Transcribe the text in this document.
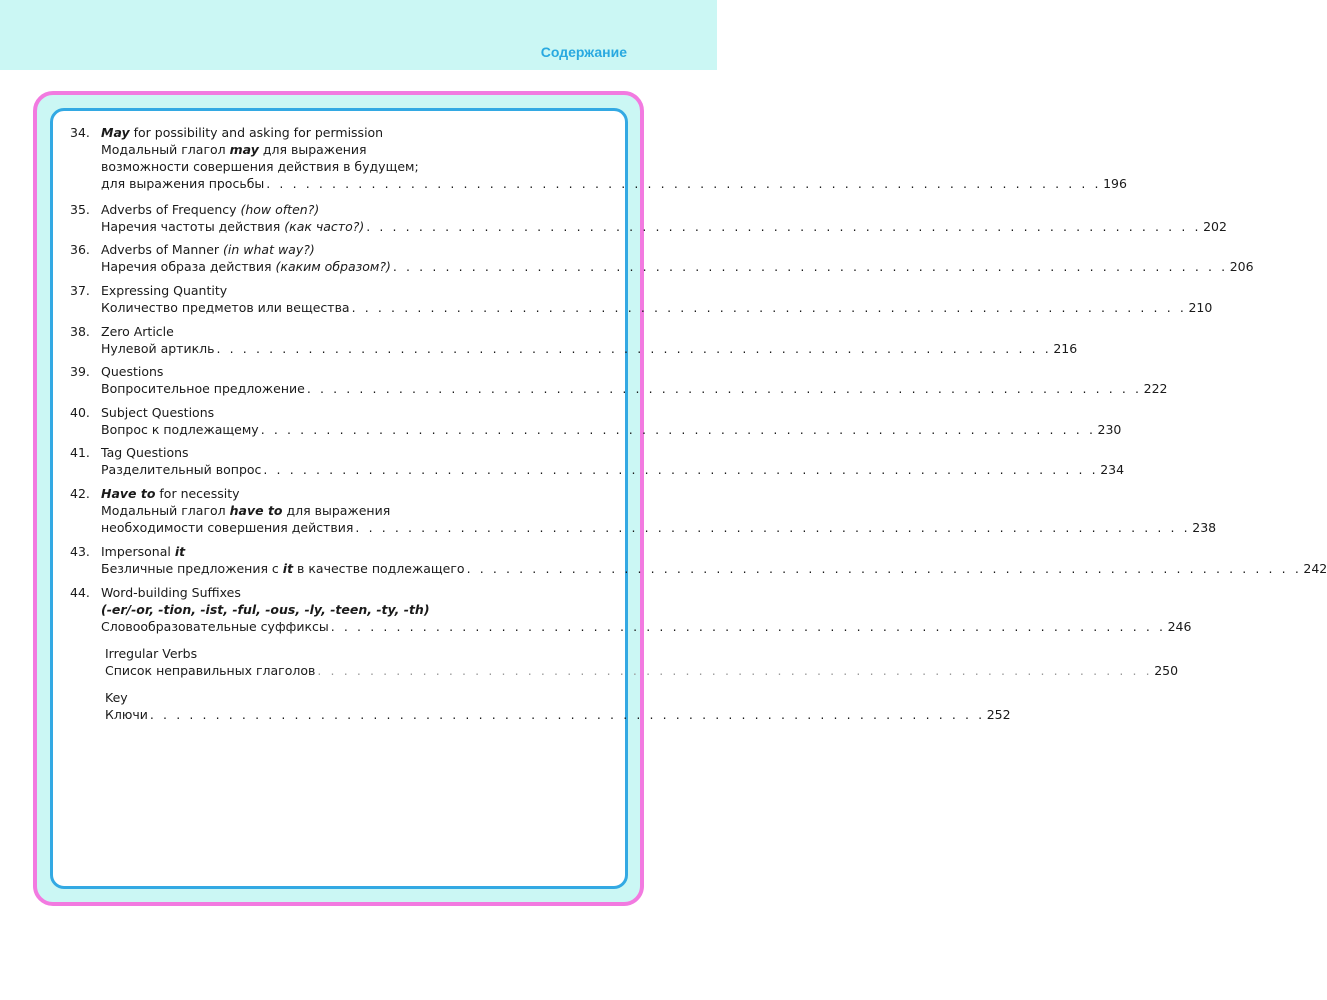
Содержание
34. May for possibility and asking for permission
Модальный глагол may для выражения
возможности совершения действия в будущем;
для выражения просьбы . . . . . . . . . . . . . . . . . . . . . . . . . . . . . . . . . . . . . . . . . . . . . . . . . . . . . . . . . . . . . . . . 196
35. Adverbs of Frequency (how often?)
Наречия частоты действия (как часто?) . . . . . . . . . . . . . . . . . . . . . . . . . . . . . . . . . . . . . . . . . . . . . . . . . . . . . . . . . . . . . . . . 202
36. Adverbs of Manner (in what way?)
Наречия образа действия (каким образом?) . . . . . . . . . . . . . . . . . . . . . . . . . . . . . . . . . . . . . . . . . . . . . . . . . . . . . . . . . . . . . . . . 206
37. Expressing Quantity
Количество предметов или вещества . . . . . . . . . . . . . . . . . . . . . . . . . . . . . . . . . . . . . . . . . . . . . . . . . . . . . . . . . . . . . . . . 210
38. Zero Article
Нулевой артикль . . . . . . . . . . . . . . . . . . . . . . . . . . . . . . . . . . . . . . . . . . . . . . . . . . . . . . . . . . . . . . . . 216
39. Questions
Вопросительное предложение . . . . . . . . . . . . . . . . . . . . . . . . . . . . . . . . . . . . . . . . . . . . . . . . . . . . . . . . . . . . . . . . 222
40. Subject Questions
Вопрос к подлежащему . . . . . . . . . . . . . . . . . . . . . . . . . . . . . . . . . . . . . . . . . . . . . . . . . . . . . . . . . . . . . . . . 230
41. Tag Questions
Разделительный вопрос . . . . . . . . . . . . . . . . . . . . . . . . . . . . . . . . . . . . . . . . . . . . . . . . . . . . . . . . . . . . . . . . 234
42. Have to for necessity
Модальный глагол have to для выражения
необходимости совершения действия . . . . . . . . . . . . . . . . . . . . . . . . . . . . . . . . . . . . . . . . . . . . . . . . . . . . . . . . . . . . . . . . 238
43. Impersonal it
Безличные предложения с it в качестве подлежащего . . . . . . . . . . . . . . . . . . . . . . . . . . . . . . . . . . . . . . . . . . . . . . . . . . . . . . . . . . . . . . . . 242
44. Word-building Suffixes
(-er/-or, -tion, -ist, -ful, -ous, -ly, -teen, -ty, -th)
Словообразовательные суффиксы . . . . . . . . . . . . . . . . . . . . . . . . . . . . . . . . . . . . . . . . . . . . . . . . . . . . . . . . . . . . . . . . 246
Irregular Verbs
Список неправильных глаголов . . . . . . . . . . . . . . . . . . . . . . . . . . . . . . . . . . . . . . . . . . . . . . . . . . . . . . . . . . . . . . . . 250
Key
Ключи . . . . . . . . . . . . . . . . . . . . . . . . . . . . . . . . . . . . . . . . . . . . . . . . . . . . . . . . . . . . . . . . 252
